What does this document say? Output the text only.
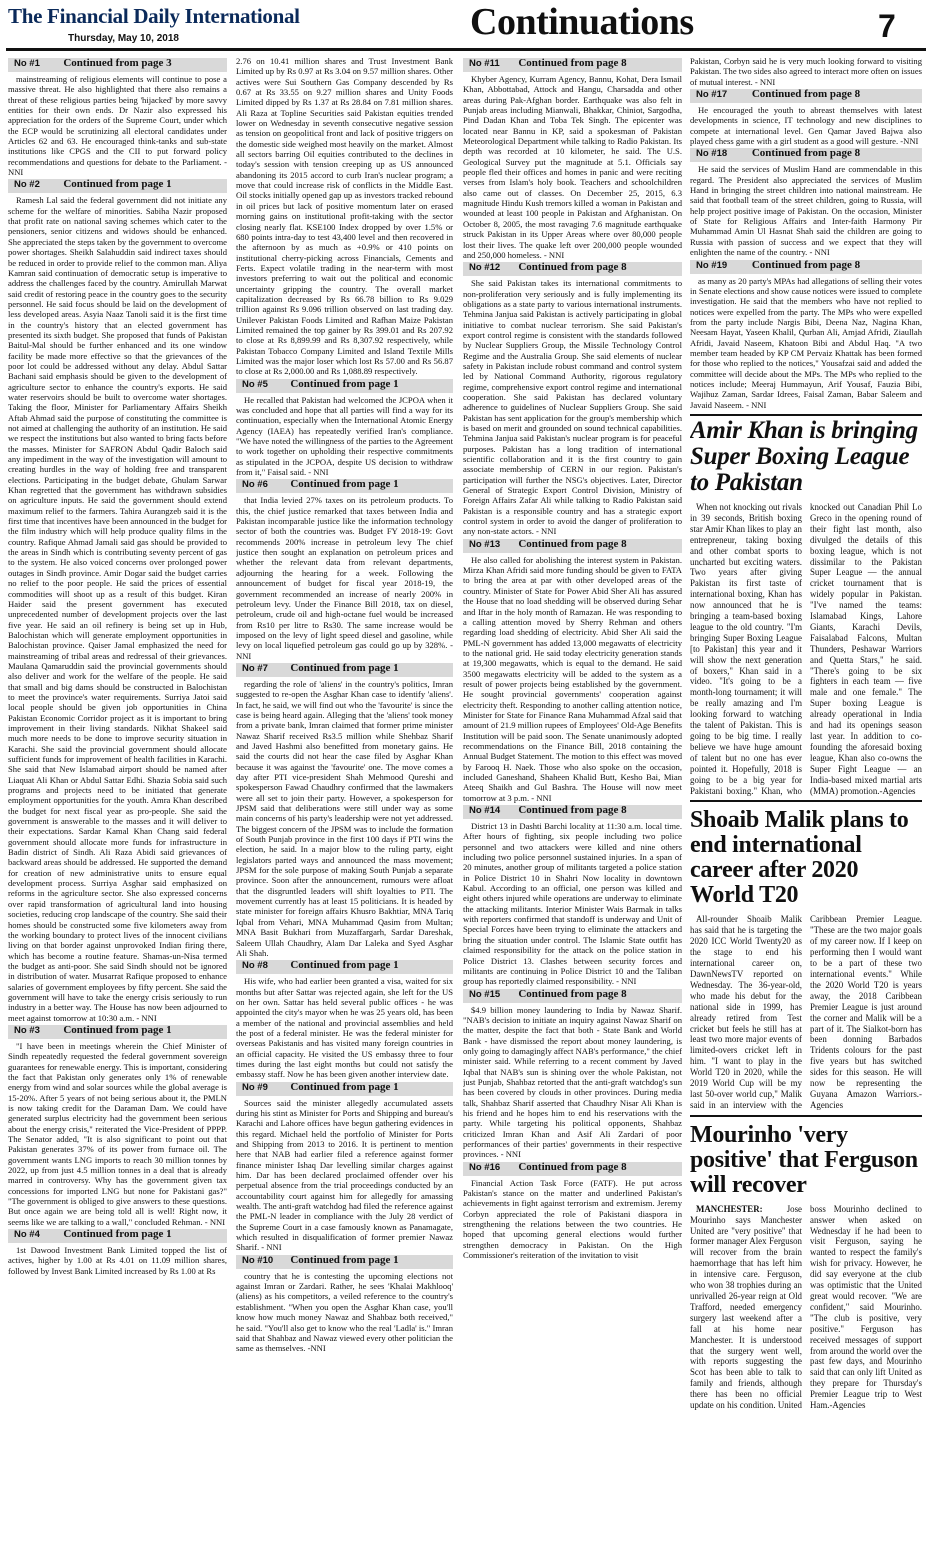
The Financial Daily International
Thursday, May 10, 2018	Continuations	7
No #1	Continued from page 3

mainstreaming of religious elements will continue to pose a massive threat. He also highlighted that there also remains a threat of these religious parties being 'hijacked' by more savvy entities for their own ends. Dr Nazir also expressed his appreciation for the orders of the Supreme Court, under which the ECP would be scrutinizing all electoral candidates under Articles 62 and 63. He encouraged think-tanks and sub-state institutions like CPGS and the CII to put forward policy recommendations and questions for debate to the Parliament. - NNI

No #2	Continued from page 1

Ramesh Lal said the federal government did not initiate any scheme for the welfare of minorities. Sabiha Nazir proposed that profit rate on national saving schemes which cater to the pensioners, senior citizens and widows should be enhanced. She appreciated the steps taken by the government to overcome power shortages. Sheikh Salahuddin said indirect taxes should be reduced in order to provide relief to the common man. Aliya Kamran said continuation of democratic setup is imperative to address the challenges faced by the country. Amirullah Marwat said credit of restoring peace in the country goes to the security personnel. He said focus should be laid on the development of less developed areas. Asyia Naaz Tanoli said it is the first time in the country's history that an elected government has presented its sixth budget. She proposed that funds of Pakistan Baitul-Mal should be further enhanced and its one window facility be made more effective so that the grievances of the poor lot could be addressed without any delay. Abdul Sattar Bachani said emphasis should be given to the development of agriculture sector to enhance the country's exports. He said water reservoirs should be built to overcome water shortages. Taking the floor, Minister for Parliamentary Affairs Sheikh Aftab Ahmad said the purpose of constituting the committee is not aimed at challenging the authority of an institution. He said we respect the institutions but also wanted to bring facts before the masses. Minister for SAFRON Abdul Qadir Baloch said any impediment in the way of the investigation will amount to creating hurdles in the way of holding free and transparent elections. Participating in the budget debate, Ghulam Sarwar Khan regretted that the government has withdrawn subsidies on agriculture inputs. He said the government should extend maximum relief to the farmers. Tahira Aurangzeb said it is the first time that incentives have been announced in the budget for the film industry which will help produce quality films in the country. Rafique Ahmad Jamali said gas should be provided to the areas in Sindh which is contributing seventy percent of gas to the system. He also voiced concerns over prolonged power outages in Sindh province. Amir Dogar said the budget carries no relief to the poor people. He said the prices of essential commodities will shoot up as a result of this budget. Kiran Haider said the present government has executed unprecedented number of development projects over the last five year. He said an oil refinery is being set up in Hub, Balochistan which will generate employment opportunities in Balochistan province. Qaiser Jamal emphasized the need for mainstreaming of tribal areas and redressal of their grievances. Maulana Qamaruddin said the provincial governments should also deliver and work for the welfare of the people. He said that small and big dams should be constructed in Balochistan to meet the province's water requirements. Surriya Jatoi said local people should be given job opportunities in China Pakistan Economic Corridor project as it is important to bring improvement in their living standards. Nikhat Shakeel said much more needs to be done to improve security situation in Karachi. She said the provincial government should allocate sufficient funds for improvement of health facilities in Karachi. She said that New Islamabad airport should be named after Liaquat Ali Khan or Abdul Sattar Edhi. Shazia Sobia said such programs and projects need to be initiated that generate employment opportunities for the youth. Amra Khan described the budget for next fiscal year as pro-people. She said the government is answerable to the masses and it will deliver to their expectations. Sardar Kamal Khan Chang said federal government should allocate more funds for infrastructure in Badin district of Sindh. Ali Raza Abidi said grievances of backward areas should be addressed. He supported the demand for creation of new administrative units to ensure equal development process. Surriya Asghar said emphasized on reforms in the agriculture sector. She also expressed concerns over rapid transformation of agricultural land into housing societies, reducing crop landscape of the country. She said their homes should be constructed some five kilometers away from the working boundary to protect lives of the innocent civilians living on that border against unprovoked Indian firing there, which has become a routine feature. Shamas-un-Nisa termed the budget as anti-poor. She said Sindh should not be ignored in distribution of water. Musarrat Rafique proposed to enhance salaries of government employees by fifty percent. She said the government will have to take the energy crisis seriously to run industry in a better way. The House has now been adjourned to meet against tomorrow at 10:30 a.m. - NNI

No #3	Continued from page 1

"I have been in meetings wherein the Chief Minister of Sindh repeatedly requested the federal government sovereign guarantees for renewable energy. This is important, considering the fact that Pakistan only generates only 1% of renewable energy from wind and solar sources while the global average is 15-20%. After 5 years of not being serious about it, the PMLN is now taking credit for the Daraman Dam. We could have generated surplus electricity had the government been serious about the energy crisis," reiterated the Vice-President of PPPP. The Senator added, "It is also significant to point out that Pakistan generates 37% of its power from furnace oil. The government wants LNG imports to reach 30 million tonnes by 2022, up from just 4.5 million tonnes in a deal that is already marred in controversy. Why has the government given tax concessions for imported LNG but none for Pakistani gas?" "The government is obliged to give answers to these questions. But once again we are being told all is well! Right now, it seems like we are talking to a wall," concluded Rehman. - NNI

No #4	Continued from page 1

1st Dawood Investment Bank Limited topped the list of actives, higher by 1.00 at Rs 4.01 on 11.09 million shares, followed by Invest Bank Limited increased by Rs 1.00 at Rs

2.76 on 10.41 million shares and Trust Investment Bank Limited up by Rs 0.97 at Rs 3.04 on 9.57 million shares. Other actives were Sui Southern Gas Company descended by Rs 0.67 at Rs 33.55 on 9.27 million shares and Unity Foods Limited dipped by Rs 1.37 at Rs 28.84 on 7.81 million shares. Ali Raza at Topline Securities said Pakistan equities trended lower on Wednesday in seventh consecutive negative session as tension on geopolitical front and lack of positive triggers on the domestic side weighed most heavily on the market. Almost all sectors barring Oil equities contributed to the declines in today's session with tension creeping up as US announced abandoning its 2015 accord to curb Iran's nuclear program; a move that could increase risk of conflicts in the Middle East. Oil stocks initially opened gap up as investors tracked rebound in oil prices but lack of positive momentum later on erased morning gains on institutional profit-taking with the sector closing nearly flat. KSE100 Index dropped by over 1.5% or 680 points intra-day to test 43,400 level and then recovered in the afternoon by as much as +0.9% or 410 points on institutional cherry-picking across Financials, Cements and Ferts. Expect volatile trading in the near-term with most investors preferring to wait out the political and economic uncertainty gripping the country. The overall market capitalization decreased by Rs 66.78 billion to Rs 9.029 trillion against Rs 9.096 trillion observed on last trading day. Unilever Pakistan Foods Limited and Rafhan Maize Pakistan Limited remained the top gainer by Rs 399.01 and Rs 207.92 to close at Rs 8,899.99 and Rs 8,307.92 respectively, while Pakistan Tobacco Company Limited and Island Textile Mills Limited was the major loser which lost Rs 57.00 and Rs 56.87 to close at Rs 2,000.00 and Rs 1,088.89 respectively.

No #5	Continued from page 1

He recalled that Pakistan had welcomed the JCPOA when it was concluded and hope that all parties will find a way for its continuation, especially when the International Atomic Energy Agency (IAEA) has repeatedly verified Iran's compliance. "We have noted the willingness of the parties to the Agreement to work together on upholding their respective commitments as stipulated in the JCPOA, despite US decision to withdraw from it," Faisal said. - NNI

No #6	Continued from page 1

that India levied 27% taxes on its petroleum products. To this, the chief justice remarked that taxes between India and Pakistan incomparable justice like the information technology sector of both the countries was. Budget FY 2018-19: Govt recommends 200% increase in petroleum levy The chief justice then sought an explanation on petroleum prices and whether the relevant data from relevant departments, adjourning the hearing for a week. Following the announcement of budget for fiscal year 2018-19, the government recommended an increase of nearly 200% in petroleum levy. Under the Finance Bill 2018, tax on diesel, petroleum, crude oil and high-octane fuel would be increased from Rs10 per litre to Rs30. The same increase would be imposed on the levy of light speed diesel and gasoline, while levy on local liquefied petroleum gas could go up by 328%. - NNI

No #7	Continued from page 1

regarding the role of 'aliens' in the country's politics, Imran suggested to re-open the Asghar Khan case to identify 'aliens'. In fact, he said, we will find out who the 'favourite' is since the case is being heard again. Alleging that the 'aliens' took money from a private bank, Imran claimed that former prime minister Nawaz Sharif received Rs3.5 million while Shehbaz Sharif and Javed Hashmi also benefitted from monetary gains. He said the courts did not hear the case filed by Asghar Khan because it was against the 'favourite' one. The move comes a day after PTI vice-president Shah Mehmood Qureshi and spokesperson Fawad Chaudhry confirmed that the lawmakers were all set to join their party. However, a spokesperson for JPSM said that deliberations were still under way as some main concerns of his party's leadership were not yet addressed. The biggest concern of the JPSM was to include the formation of South Punjab province in the first 100 days if PTI wins the election, he said. In a major blow to the ruling party, eight legislators parted ways and announced the mass movement; JPSM for the sole purpose of making South Punjab a separate province. Soon after the announcement, rumours were afloat that the disgruntled leaders will shift loyalties to PTI. The movement currently has at least 15 politicians. It is headed by state minister for foreign affairs Khusro Bakhtiar, MNA Tariq Iqbal from Vehari, MNA Muhammad Qasim from Multan; MNA Basit Bukhari from Muzaffargarh, Sardar Dareshak, Saleem Ullah Chaudhry, Alam Dar Laleka and Syed Asghar Ali Shah.

No #8	Continued from page 1

His wife, who had earlier been granted a visa, waited for six months but after Sattar was rejected again, she left for the US on her own. Sattar has held several public offices - he was appointed the city's mayor when he was 25 years old, has been a member of the national and provincial assemblies and held the post of a federal minister. He was the federal minister for overseas Pakistanis and has visited many foreign countries in an official capacity. He visited the US embassy three to four times during the last eight months but could not satisfy the embassy staff. Now he has been given another interview date.

No #9	Continued from page 1

Sources said the minister allegedly accumulated assets during his stint as Minister for Ports and Shipping and bureau's Karachi and Lahore offices have begun gathering evidences in this regard. Michael held the portfolio of Minister for Ports and Shipping from 2013 to 2016. It is pertinent to mention here that NAB had earlier filed a reference against former finance minister Ishaq Dar levelling similar charges against him. Dar has been declared proclaimed offender over his perpetual absence from the trial proceedings conducted by an accountability court against him for allegedly for amassing wealth. The anti-graft watchdog had filed the reference against the PML-N leader in compliance with the July 28 verdict of the Supreme Court in a case famously known as Panamagate, which resulted in disqualification of former premier Nawaz Sharif. - NNI

No #10	Continued from page 1

country that he is contesting the upcoming elections not against Imran or Zardari. Rather, he sees 'Khalai Makhlooq' (aliens) as his competitors, a veiled reference to the country's establishment. "When you open the Asghar Khan case, you'll know how much money Nawaz and Shahbaz both received," he said. "You'll also get to know who the real 'Ladla' is." Imran said that Shahbaz and Nawaz viewed every other politician the same as themselves. -NNI

No #11	Continued from page 8

Khyber Agency, Kurram Agency, Bannu, Kohat, Dera Ismail Khan, Abbottabad, Attock and Hangu, Charsadda and other areas during Pak-Afghan border. Earthquake was also felt in Punjab areas including Mianwali, Bhakkar, Chiniot, Sargodha, Pind Dadan Khan and Toba Tek Singh. The epicenter was located near Bannu in KP, said a spokesman of Pakistan Meteorological Department while talking to Radio Pakistan. Its depth was recorded at 10 kilometer, he said. The U.S. Geological Survey put the magnitude at 5.1. Officials say people fled their offices and homes in panic and were reciting verses from Islam's holy book. Teachers and schoolchildren also came out of classes. On December 25, 2015, 6.3 magnitude Hindu Kush tremors killed a woman in Pakistan and wounded at least 100 people in Pakistan and Afghanistan. On October 8, 2005, the most ravaging 7.6 magnitude earthquake struck Pakistan in its Upper Areas where over 80,000 people lost their lives. The quake left over 200,000 people wounded and 250,000 homeless. - NNI

No #12	Continued from page 8

She said Pakistan takes its international commitments to non-proliferation very seriously and is fully implementing its obligations as a state party to various international instruments. Tehmina Janjua said Pakistan is actively participating in global initiative to combat nuclear terrorism. She said Pakistan's export control regime is consistent with the standards followed by Nuclear Suppliers Group, the Missile Technology Control Regime and the Australia Group. She said elements of nuclear safety in Pakistan include robust command and control system led by National Command Authority, rigorous regulatory regime, comprehensive export control regime and international cooperation. She said Pakistan has declared voluntary adherence to guidelines of Nuclear Suppliers Group. She said Pakistan has sent application for the group's membership which is based on merit and grounded on sound technical capabilities. Tehmina Janjua said Pakistan's nuclear program is for peaceful purposes. Pakistan has a long tradition of international scientific collaboration and it is the first country to gain associate membership of CERN in our region. Pakistan's participation will further the NSG's objectives. Later, Director General of Strategic Export Control Division, Ministry of Foreign Affairs Zafar Ali while talking to Radio Pakistan said Pakistan is a responsible country and has a strategic export control system in order to avoid the danger of proliferation to any non-state actors. - NNI

No #13	Continued from page 8

He also called for abolishing the interest system in Pakistan. Mirza Khan Afridi said more funding should be given to FATA to bring the area at par with other developed areas of the country. Minister of State for Power Abid Sher Ali has assured the House that no load shedding will be observed during Sehar and Iftar in the holy month of Ramazan. He was responding to a calling attention moved by Sherry Rehman and others regarding load shedding of electricity. Abid Sher Ali said the PML-N government has added 13,000 megawatts of electricity to the national grid. He said today electricity generation stands at 19,300 megawatts, which is equal to the demand. He said 3500 megawatts electricity will be added to the system as a result of power projects being established by the government. He sought provincial governments' cooperation against electricity theft. Responding to another calling attention notice, Minister for State for Finance Rana Muhammad Afzal said that amount of 21.9 million rupees of Employees' Old-Age Benefits Institution will be paid soon. The Senate unanimously adopted recommendations on the Finance Bill, 2018 containing the Annual Budget Statement. The motion to this effect was moved by Farooq H. Naek. Those who also spoke on the occasion, included Ganeshand, Shaheen Khalid Butt, Kesho Bai, Mian Ateeq Shaikh and Gul Bashra. The House will now meet tomorrow at 3 p.m. - NNI

No #14	Continued from page 8

District 13 in Dashti Barchi locality at 11:30 a.m. local time. After hours of fighting, six people including two police personnel and two attackers were killed and nine others including two police personnel sustained injuries. In a span of 20 minutes, another group of militants targeted a police station in Police District 10 in Shahri Now locality in downtown Kabul. According to an official, one person was killed and eight others injured while operations are underway to eliminate the attacking militants. Interior Minister Wais Barmak in talks with reporters confirmed that standoff is underway and Unit of Special Forces have been trying to eliminate the attackers and bring the situation under control. The Islamic State outfit has claimed responsibility for the attack on the police station in Police District 13. Clashes between security forces and militants are continuing in Police District 10 and the Taliban group has reportedly claimed responsibility. - NNI

No #15	Continued from page 8

$4.9 billion money laundering to India by Nawaz Sharif. "NAB's decision to initiate an inquiry against Nawaz Sharif on the matter, despite the fact that both - State Bank and World Bank - have dismissed the report about money laundering, is only going to damagingly affect NAB's performance," the chief minister said. While referring to a recent comment by Javed Iqbal that NAB's sun is shining over the whole Pakistan, not just Punjab, Shahbaz retorted that the anti-graft watchdog's sun has been covered by clouds in other provinces. During media talk, Shahbaz Sharif asserted that Chaudhry Nisar Ali Khan is his friend and he hopes him to end his reservations with the party. While targeting his political opponents, Shahbaz criticized Imran Khan and Asif Ali Zardari of poor performances of their parties' governments in their respective provinces. - NNI

No #16	Continued from page 8

Financial Action Task Force (FATF). He put across Pakistan's stance on the matter and underlined Pakistan's achievements in fight against terrorism and extremism. Jeremy Corbyn appreciated the role of Pakistani diaspora in strengthening the relations between the two countries. He hoped that upcoming general elections would further strengthen democracy in Pakistan. On the High Commissioner's reiteration of the invitation to visit

Pakistan, Corbyn said he is very much looking forward to visiting Pakistan. The two sides also agreed to interact more often on issues of mutual interest. - NNI

No #17	Continued from page 8

He encouraged the youth to abreast themselves with latest developments in science, IT technology and new disciplines to compete at international level. Gen Qamar Javed Bajwa also played chess game with a girl student as a good will gesture. -NNI

No #18	Continued from page 8

He said the services of Muslim Hand are commendable in this regard. The President also appreciated the services of Muslim Hand in bringing the street children into national mainstream. He said that football team of the street children, going to Russia, will help project positive image of Pakistan. On the occasion, Minister of State for Religious Affairs and Inter-faith Harmony Pir Muhammad Amin Ul Hasnat Shah said the children are going to Russia with passion of success and we expect that they will enlighten the name of the country. - NNI

No #19	Continued from page 8

as many as 20 party's MPAs had allegations of selling their votes in Senate elections and show cause notices were issued to complete investigation. He said that the members who have not replied to notices were expelled from the party. The MPs who were expelled from the party include Nargis Bibi, Deena Naz, Nagina Khan, Neesam Hayat, Yaseen Khalil, Qurban Ali, Amjad Afridi, Ziaullah Afridi, Javaid Naseem, Khatoon Bibi and Abdul Haq. "A two member team headed by KP CM Pervaiz Khattak has been formed for those who replied to the notices," Yousafzai said and added the committee will decide about the MPs. The MPs who replied to the notices include; Meeraj Hummayun, Arif Yousaf, Fauzia Bibi, Wajihuz Zaman, Sardar Idrees, Faisal Zaman, Babar Saleem and Javaid Naseem. - NNI

Amir Khan is bringing Super Boxing League to Pakistan

When not knocking out rivals in 39 seconds, British boxing star Amir Khan likes to play an entrepreneur, taking boxing and other combat sports to uncharted but exciting waters. Two years after giving Pakistan its first taste of international boxing, Khan has now announced that he is bringing a team-based boxing league to the old country. "I'm bringing Super Boxing League [to Pakistan] this year and it will show the next generation of boxers," Khan said in a video. "It's going to be a month-long tournament; it will be really amazing and I'm looking forward to watching the talent of Pakistan. This is going to be big time. I really believe we have huge amount of talent but no one has ever pointed it. Hopefully, 2018 is going to be a big year for Pakistani boxing." Khan, who knocked out Canadian Phil Lo Greco in the opening round of their fight last month, also divulged the details of this boxing league, which is not dissimilar to the Pakistan Super League — the annual cricket tournament that is widely popular in Pakistan. "I've named the teams: Islamabad Kings, Lahore Giants, Karachi Devils, Faisalabad Falcons, Multan Thunders, Peshawar Warriors and Quetta Stars," he said. "There's going to be six fighters in each team — five male and one female." The Super boxing League is already operational in India and had its openings season last year. In addition to co-founding the aforesaid boxing league, Khan also co-owns the Super Fight League — an India-based mixed martial arts (MMA) promotion.-Agencies

Shoaib Malik plans to end international career after 2020 World T20

All-rounder Shoaib Malik has said that he is targeting the 2020 ICC World Twenty20 as the stage to end his international career on, DawnNewsTV reported on Wednesday. The 36-year-old, who made his debut for the national side in 1999, has already retired from Test cricket but feels he still has at least two more major events of limited-overs cricket left in him. "I want to play in the World T20 in 2020, while the 2019 World Cup will be my last 50-over world cup," Malik said in an interview with the Caribbean Premier League. "These are the two major goals of my career now. If I keep on performing then I would want to be a part of these two international events." While the 2020 World T20 is years away, the 2018 Caribbean Premier League is just around the corner and Malik will be a part of it. The Sialkot-born has been donning Barbados Tridents colours for the past five years but has switched sides for this season. He will now be representing the Guyana Amazon Warriors.-Agencies

Mourinho 'very positive' that Ferguson will recover

MANCHESTER:	Jose Mourinho says Manchester United are "very positive" that former manager Alex Ferguson will recover from the brain haemorrhage that has left him in intensive care. Ferguson, who won 38 trophies during an unrivalled 26-year reign at Old Trafford, needed emergency surgery last weekend after a fall at his home near Manchester. It is understood that the surgery went well, with reports suggesting the Scot has been able to talk to family and friends, although there has been no official update on his condition. United boss Mourinho declined to answer when asked on Wednesday if he had been to visit Ferguson, saying he wanted to respect the family's wish for privacy. However, he did say everyone at the club was optimistic that the United great would recover. "We are confident," said Mourinho. "The club is positive, very positive." Ferguson has received messages of support from around the world over the past few days, and Mourinho said that can only lift United as they prepare for Thursday's Premier League trip to West Ham.-Agencies
